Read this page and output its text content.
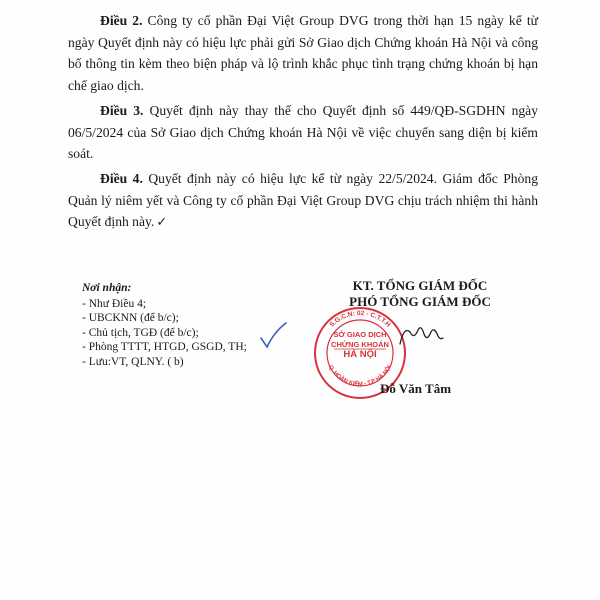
Điều 2. Công ty cổ phần Đại Việt Group DVG trong thời hạn 15 ngày kể từ ngày Quyết định này có hiệu lực phải gửi Sở Giao dịch Chứng khoán Hà Nội và công bố thông tin kèm theo biện pháp và lộ trình khắc phục tình trạng chứng khoán bị hạn chế giao dịch.

Điều 3. Quyết định này thay thế cho Quyết định số 449/QĐ-SGDHN ngày 06/5/2024 của Sở Giao dịch Chứng khoán Hà Nội về việc chuyển sang diện bị kiểm soát.

Điều 4. Quyết định này có hiệu lực kể từ ngày 22/5/2024. Giám đốc Phòng Quản lý niêm yết và Công ty cổ phần Đại Việt Group DVG chịu trách nhiệm thi hành Quyết định này. ✓

Nơi nhận:
- Như Điều 4;
- UBCKNN (để b/c);
- Chủ tịch, TGĐ (để b/c);
- Phòng TTTT, HTGD, GSGD, TH;
- Lưu:VT, QLNY. ( b)
KT. TỔNG GIÁM ĐỐC
PHÓ TỔNG GIÁM ĐỐC
S.G.C.N: 02 - C.T.T.H
Q. HOÀN KIẾM - T.P HÀ NỘI
SỞ GIAO DỊCH
CHỨNG KHOÁN
HÀ NỘI
Đỗ Văn Tâm
